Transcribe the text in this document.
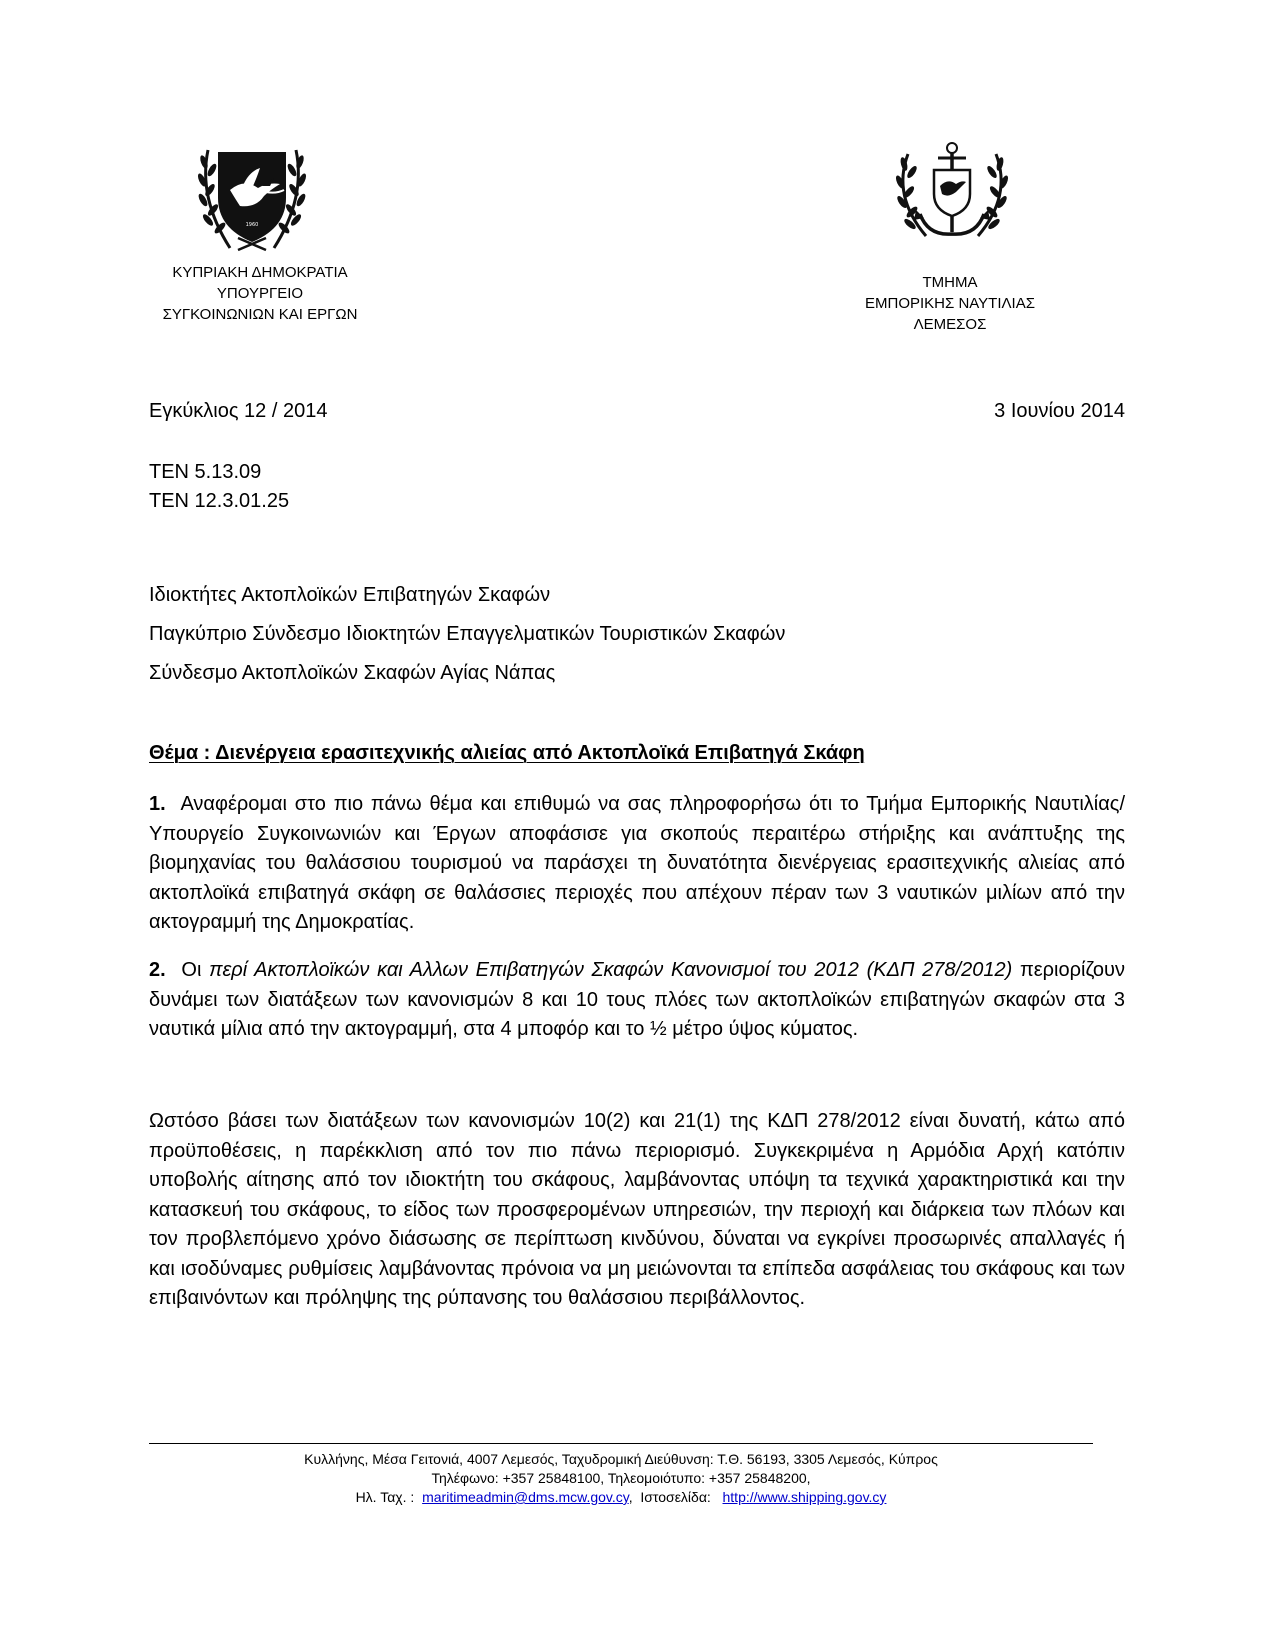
1960
ΚΥΠΡΙΑΚΗ ΔΗΜΟΚΡΑΤΙΑ
ΥΠΟΥΡΓΕΙΟ
ΣΥΓΚΟΙΝΩΝΙΩΝ ΚΑΙ ΕΡΓΩΝ
ΤΜΗΜΑ
ΕΜΠΟΡΙΚΗΣ ΝΑΥΤΙΛΙΑΣ
ΛΕΜΕΣΟΣ
Εγκύκλιος 12 / 2014	3 Ιουνίου 2014
ΤΕΝ 5.13.09
ΤΕΝ 12.3.01.25
Ιδιοκτήτες Ακτοπλοϊκών Επιβατηγών Σκαφών
Παγκύπριο Σύνδεσμο Ιδιοκτητών Επαγγελματικών Τουριστικών Σκαφών
Σύνδεσμο Ακτοπλοϊκών Σκαφών Αγίας Νάπας
Θέμα : Διενέργεια ερασιτεχνικής αλιείας από Ακτοπλοϊκά Επιβατηγά Σκάφη
1. Αναφέρομαι στο πιο πάνω θέμα και επιθυμώ να σας πληροφορήσω ότι το Τμήμα Εμπορικής Ναυτιλίας/Υπουργείο Συγκοινωνιών και Έργων αποφάσισε για σκοπούς περαιτέρω στήριξης και ανάπτυξης της βιομηχανίας του θαλάσσιου τουρισμού να παράσχει τη δυνατότητα διενέργειας ερασιτεχνικής αλιείας από ακτοπλοϊκά επιβατηγά σκάφη σε θαλάσσιες περιοχές που απέχουν πέραν των 3 ναυτικών μιλίων από την ακτογραμμή της Δημοκρατίας.
2. Οι περί Ακτοπλοϊκών και Αλλων Επιβατηγών Σκαφών Κανονισμοί του 2012 (ΚΔΠ 278/2012) περιορίζουν δυνάμει των διατάξεων των κανονισμών 8 και 10 τους πλόες των ακτοπλοϊκών επιβατηγών σκαφών στα 3 ναυτικά μίλια από την ακτογραμμή, στα 4 μποφόρ και το ½ μέτρο ύψος κύματος.
Ωστόσο βάσει των διατάξεων των κανονισμών 10(2) και 21(1) της ΚΔΠ 278/2012 είναι δυνατή, κάτω από προϋποθέσεις, η παρέκκλιση από τον πιο πάνω περιορισμό. Συγκεκριμένα η Αρμόδια Αρχή κατόπιν υποβολής αίτησης από τον ιδιοκτήτη του σκάφους, λαμβάνοντας υπόψη τα τεχνικά χαρακτηριστικά και την κατασκευή του σκάφους, το είδος των προσφερομένων υπηρεσιών, την περιοχή και διάρκεια των πλόων και τον προβλεπόμενο χρόνο διάσωσης σε περίπτωση κινδύνου, δύναται να εγκρίνει προσωρινές απαλλαγές ή και ισοδύναμες ρυθμίσεις λαμβάνοντας πρόνοια να μη μειώνονται τα επίπεδα ασφάλειας του σκάφους και των επιβαινόντων και πρόληψης της ρύπανσης του θαλάσσιου περιβάλλοντος.
Κυλλήνης, Μέσα Γειτονιά, 4007 Λεμεσός, Ταχυδρομική Διεύθυνση: Τ.Θ. 56193, 3305 Λεμεσός, Κύπρος
Τηλέφωνο: +357 25848100, Τηλεομοιότυπο: +357 25848200,
Ηλ. Ταχ. : maritimeadmin@dms.mcw.gov.cy,  Ιστοσελίδα: http://www.shipping.gov.cy
